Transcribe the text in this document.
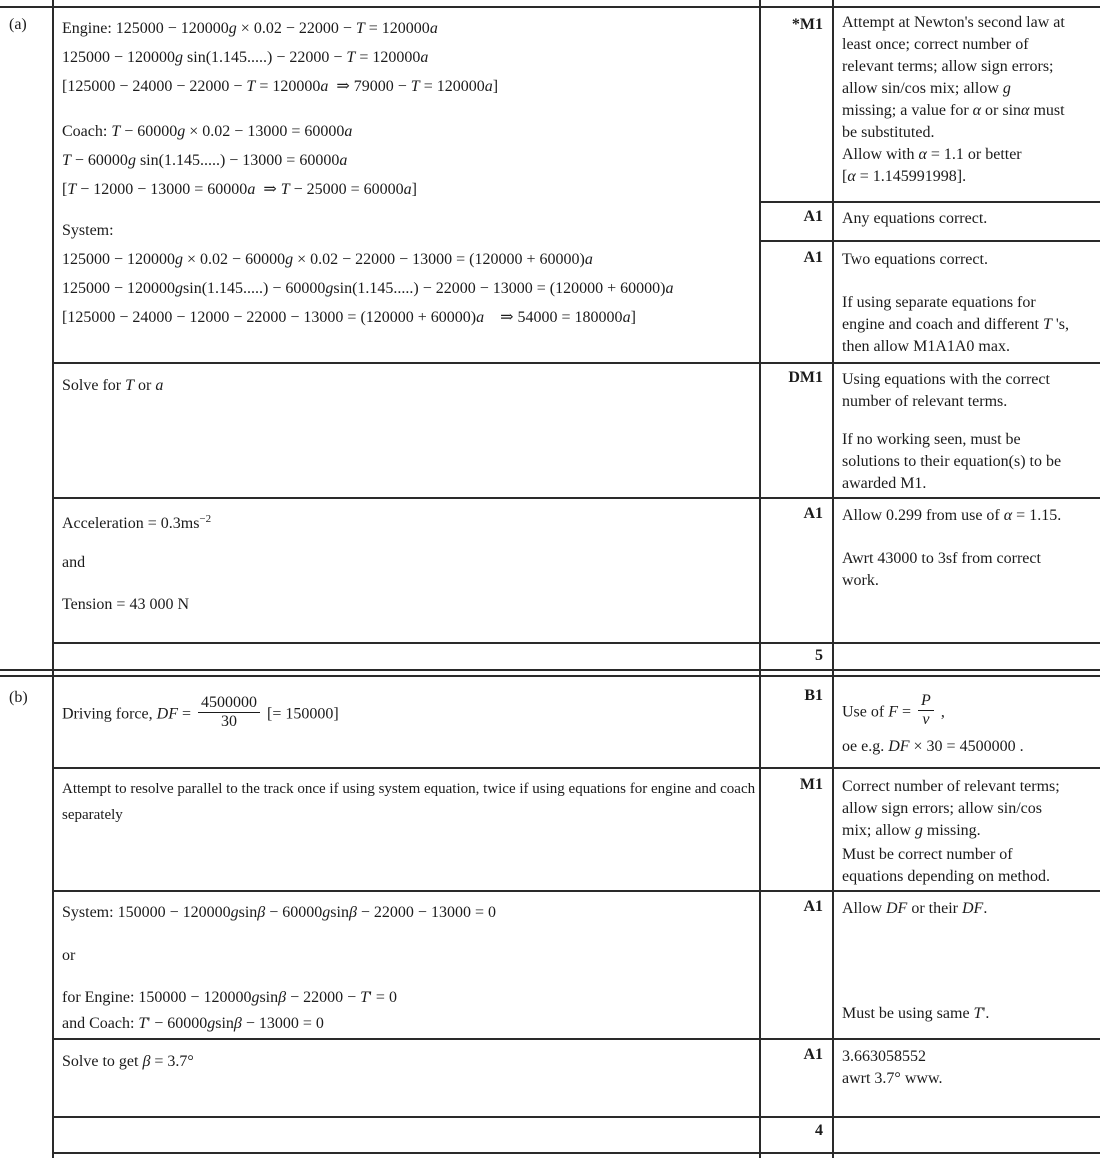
(a) Engine: 125000 − 120000g × 0.02 − 22000 − T = 120000a
125000 − 120000g sin(1.145.....) − 22000 − T = 120000a
[125000 − 24000 − 22000 − T = 120000a  ⇒ 79000 − T = 120000a]
Coach: T − 60000g × 0.02 − 13000 = 60000a
T − 60000g sin(1.145.....) − 13000 = 60000a
[T − 12000 − 13000 = 60000a  ⇒ T − 25000 = 60000a]
System:
125000 − 120000g × 0.02 − 60000g × 0.02 − 22000 − 13000 = (120000 + 60000)a
125000 − 120000gsin(1.145.....) − 60000gsin(1.145.....) − 22000 − 13000 = (120000 + 60000)a
[125000 − 24000 − 12000 − 22000 − 13000 = (120000 + 60000)a    ⇒ 54000 = 180000a]
*M1 Attempt at Newton's second law at
least once; correct number of
relevant terms; allow sign errors;
allow sin/cos mix; allow g
missing; a value for α or sinα must
be substituted.
Allow with α = 1.1 or better
[α = 1.145991998].
A1 Any equations correct.
A1 Two equations correct.
If using separate equations for
engine and coach and different T 's,
then allow M1A1A0 max.
Solve for T or a	DM1 Using equations with the correct
number of relevant terms.
If no working seen, must be
solutions to their equation(s) to be
awarded M1.
Acceleration = $0.3ms^{-2}$
and
Tension = 43 000 N
A1 Allow 0.299 from use of α = 1.15.
Awrt 43000 to 3sf from correct
work.
5
(b)
Driving force, DF = $\frac{4500000}{30}$ [= 150000]
B1
Use of $F = \frac{P}{v}$ ,
oe e.g. DF × 30 = 4500000 .
Attempt to resolve parallel to the track once if using system equation, twice if using equations for engine and coach separately
M1 Correct number of relevant terms;
allow sign errors; allow sin/cos
mix; allow g missing.
Must be correct number of
equations depending on method.
System: 150000 − 120000gsinβ − 60000gsinβ − 22000 − 13000 = 0
or
for Engine: 150000 − 120000gsinβ − 22000 − T' = 0
and Coach: T' − 60000gsinβ − 13000 = 0
A1 Allow DF or their DF.
Must be using same T'.
Solve to get β = 3.7°	A1 3.663058552
awrt 3.7° www.
4
